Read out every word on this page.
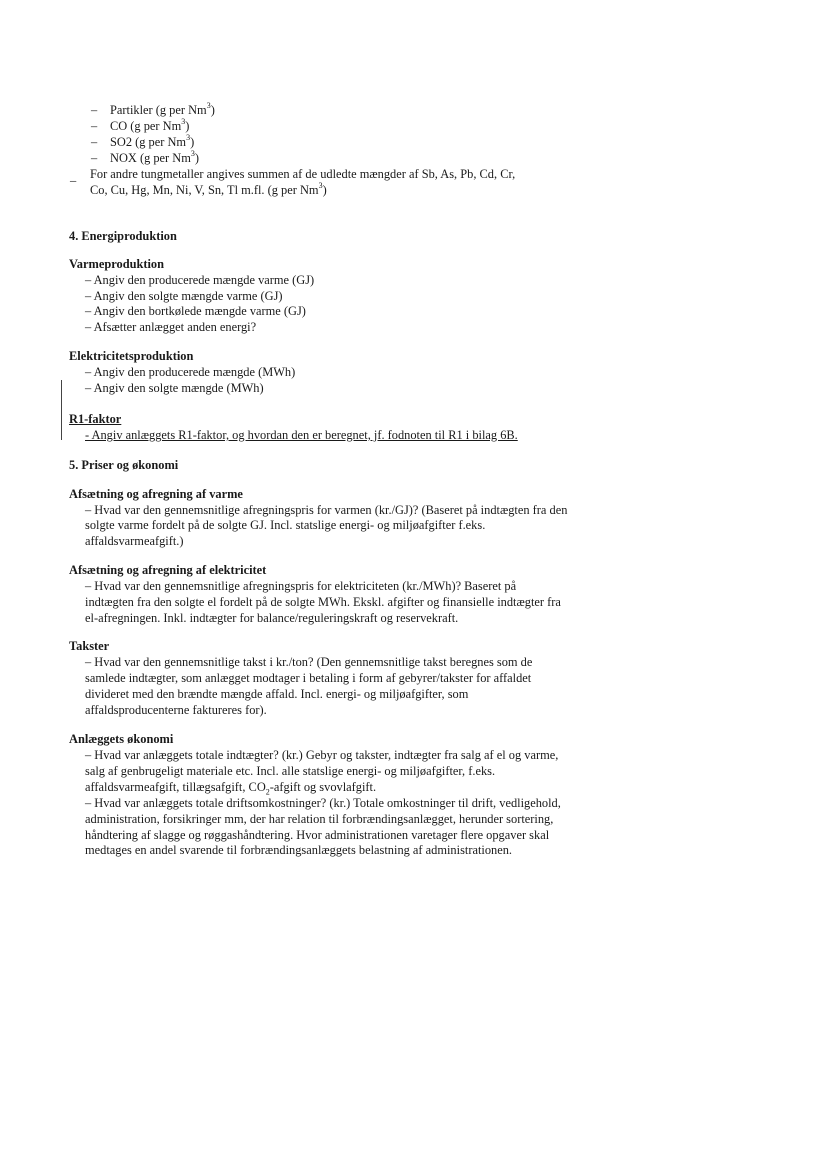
– Partikler (g per Nm$^3$)
– CO (g per Nm$^3$)
– SO2 (g per Nm$^3$)
– NOX (g per Nm$^3$)
_ For andre tungmetaller angives summen af de udledte mængder af Sb, As, Pb, Cd, Cr,
Co, Cu, Hg, Mn, Ni, V, Sn, Tl m.fl. (g per Nm$^3$)
4. Energiproduktion
Varmeproduktion
– Angiv den producerede mængde varme (GJ)
– Angiv den solgte mængde varme (GJ)
– Angiv den bortkølede mængde varme (GJ)
– Afsætter anlægget anden energi?
Elektricitetsproduktion
– Angiv den producerede mængde (MWh)
– Angiv den solgte mængde (MWh)
R1-faktor
- Angiv anlæggets R1-faktor, og hvordan den er beregnet, jf. fodnoten til R1 i bilag 6B.
5. Priser og økonomi
Afsætning og afregning af varme
– Hvad var den gennemsnitlige afregningspris for varmen (kr./GJ)? (Baseret på indtægten fra den
solgte varme fordelt på de solgte GJ. Incl. statslige energi- og miljøafgifter f.eks.
affaldsvarmeafgift.)
Afsætning og afregning af elektricitet
– Hvad var den gennemsnitlige afregningspris for elektriciteten (kr./MWh)? Baseret på
indtægten fra den solgte el fordelt på de solgte MWh. Ekskl. afgifter og finansielle indtægter fra
el-afregningen. Inkl. indtægter for balance/reguleringskraft og reservekraft.
Takster
– Hvad var den gennemsnitlige takst i kr./ton? (Den gennemsnitlige takst beregnes som de
samlede indtægter, som anlægget modtager i betaling i form af gebyrer/takster for affaldet
divideret med den brændte mængde affald. Incl. energi- og miljøafgifter, som
affaldsproducenterne faktureres for).
Anlæggets økonomi
– Hvad var anlæggets totale indtægter? (kr.) Gebyr og takster, indtægter fra salg af el og varme,
salg af genbrugeligt materiale etc. Incl. alle statslige energi- og miljøafgifter, f.eks.
affaldsvarmeafgift, tillægsafgift, $CO_2$-afgift og svovlafgift.
– Hvad var anlæggets totale driftsomkostninger? (kr.) Totale omkostninger til drift, vedligehold,
administration, forsikringer mm, der har relation til forbrændingsanlægget, herunder sortering,
håndtering af slagge og røggashåndtering. Hvor administrationen varetager flere opgaver skal
medtages en andel svarende til forbrændingsanlæggets belastning af administrationen.
